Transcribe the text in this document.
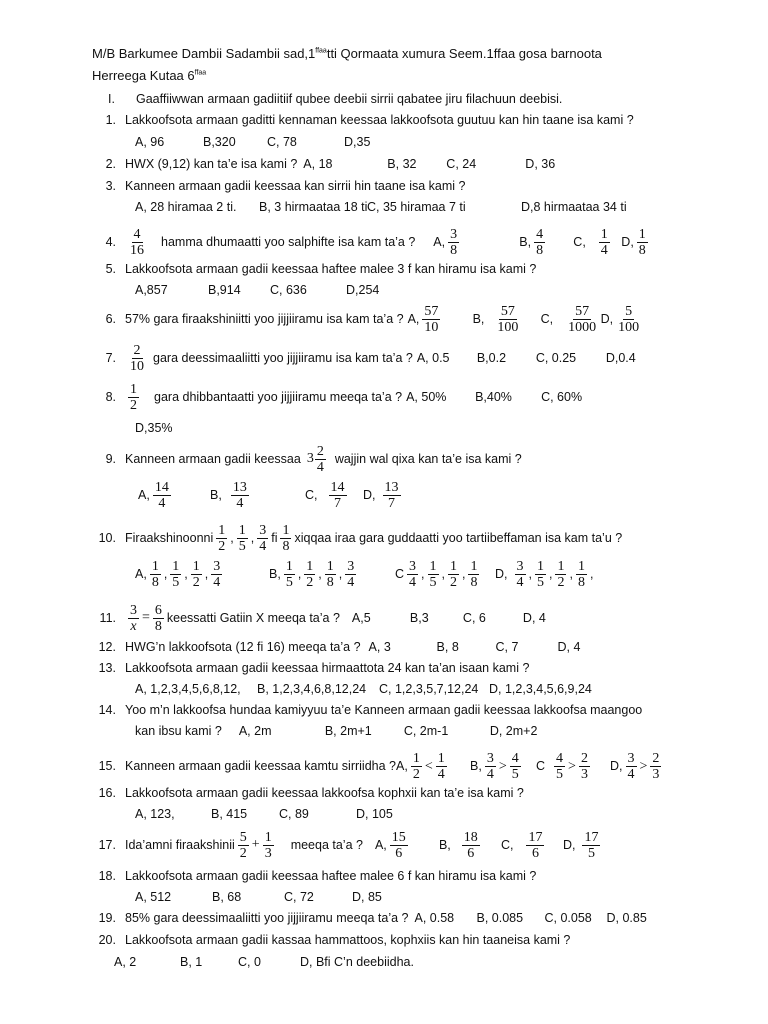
M/B Barkumee Dambii Sadambii $sad,1^{ffaa}tti$ Qormaata xumura Seem.1ffaa gosa barnoota
Herreega Kutaa $6^{ffaa}$
I.	Gaaffiiwwan armaan gadiitiif qubee deebii sirrii qabatee jiru filachuun deebisi.
1. Lakkoofsota armaan gaditti kennaman keessaa lakkoofsota guutuu kan hin taane isa kami ?
A, 96	B,320	C, 78	D,35
2. HWX (9,12) kan ta’e isa kami ? A, 18	B, 32	C, 24	D, 36
3. Kanneen armaan gadii keessaa kan sirrii hin taane isa kami ?
A, 28 hiramaa 2 ti. B, 3 hirmaataa 18 tiC, 35 hiramaa 7 ti	D,8 hirmaataa 34 ti
4. $\frac{4}{16}$ hamma dhumaatti yoo salphifte isa kam ta’a ? A, $\frac{3}{8}$	B, $\frac{4}{8} C$, $\frac{1}{4} D$, $\frac{1}{8}$
5. Lakkoofsota armaan gadii keessaa haftee malee 3 f kan hiramu isa kami ?
A,857	B,914 C, 636	D,254
6. 57% gara firaakshiniitti yoo jijjiiramu isa kam ta’a ? A, $\frac{57}{10}$	B, $\frac{57}{100} C$, $\frac{57}{1000} D$, $\frac{5}{100}$
7. $\frac{2}{10}$ gara deessimaaliitti yoo jijjiiramu isa kam ta’a ? A, 0.5	B,0.2	C, 0.25	D,0.4
8. $\frac{1}{2}$ gara dhibbantaatti yoo jijjiiramu meeqa ta’a ? A, 50%	B,40%	C, 60%
D,35%
9. Kanneen armaan gadii keessaa $3 \frac{2}{4}$ wajjin wal qixa kan ta’e isa kami ?
A, $\frac{14}{4}$	B, $\frac{13}{4}$	C, $\frac{14}{7} D$, $\frac{13}{7}$
10. Firaakshinoonni $\frac{1}{2}$ , $\frac{1}{5}$ , $\frac{3}{4}$ fi $\frac{1}{8}$ xiqqaa iraa gara guddaatti yoo tartiibeffaman isa kam ta’u ?
A, $\frac{1}{8}$ , $\frac{1}{5}$ , $\frac{1}{2}$ , $\frac{3}{4}$	B, $\frac{1}{5}$ , $\frac{1}{2}$ , $\frac{1}{8}$ , $\frac{3}{4}$	C $\frac{3}{4}$ , $\frac{1}{5}$ , $\frac{1}{2}$ , $\frac{1}{8} D$, $\frac{3}{4}$ , $\frac{1}{5}$ , $\frac{1}{2}$ , $\frac{1}{8}$ ,
11. $\frac{3}{x} = \frac{6}{8}$ keessatti Gatiin X meeqa ta’a ? A,5	B,3	C, 6	D, 4
12. HWG’n lakkoofsota (12 fi 16) meeqa ta’a ? A, 3	B, 8	C, 7	D, 4
13. Lakkoofsota armaan gadii keessaa hirmaattota 24 kan ta’an isaan kami ?
A, 1,2,3,4,5,6,8,12, B, 1,2,3,4,6,8,12,24 C, 1,2,3,5,7,12,24 D, 1,2,3,4,5,6,9,24
14. Yoo m’n lakkoofsa hundaa kamiyyuu ta’e Kanneen armaan gadii keessaa lakkoofsa maangoo
kan ibsu kami ? A, 2m	B, 2m+1	C, 2m-1	D, 2m+2
15. Kanneen armaan gadii keessaa kamtu sirriidha ? A, $\frac{1}{2} < \frac{1}{4} B$, $\frac{3}{4} > \frac{4}{5}$ C $\frac{4}{5} > \frac{2}{3} D$, $\frac{3}{4} > \frac{2}{3}$
16. Lakkoofsota armaan gadii keessaa lakkoofsa kophxii kan ta’e isa kami ?
A, 123,	B, 415	C, 89	D, 105
17. Ida’amni firaakshinii $\frac{5}{2} + \frac{1}{3}$ meeqa ta’a ? A, $\frac{15}{6} B$, $\frac{18}{6} C$, $\frac{17}{6} D$, $\frac{17}{5}$
18. Lakkoofsota armaan gadii keessaa haftee malee 6 f kan hiramu isa kami ?
A, 512	B, 68	C, 72	D, 85
19. 85% gara deessimaaliitti yoo jijjiiramu meeqa ta’a ? A, 0.58	B, 0.085	C, 0.058	D, 0.85
20. Lakkoofsota armaan gadii kassaa hammattoos, kophxiis kan hin taaneisa kami ?
A, 2	B, 1	C, 0	D, Bfi C’n deebiidha.
